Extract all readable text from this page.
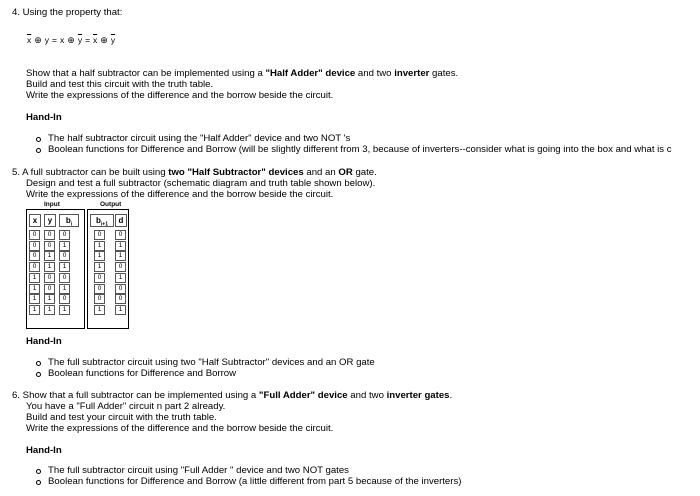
4. Using the property that:
$\overline{x}$ ⊕ y = x ⊕ $\overline{y} = x$ ⊕ y
Show that a half subtractor can be implemented using a "Half Adder" device and two inverter gates.
Build and test this circuit with the truth table.
Write the expressions of the difference and the borrow beside the circuit.
Hand-In
The half subtractor circuit using the "Half Adder" device and two NOT 's
Boolean functions for Difference and Borrow (will be slightly different from 3, because of inverters--consider what is going into the box and what is c
5. A full subtractor can be built using two "Half Subtractor" devices and an OR gate.
Design and test a full subtractor (schematic diagram and truth table shown below).
Write the expressions of the difference and the borrow beside the circuit.
Input	Output
x	y	$b_i$	$b_{i+1}$	d
0	0	0	0	0
0	0	1	1	1
0	1	0	1	1
0	1	1	1	0
1	0	0	0	1
1	0	1	0	0
1	1	0	0	0
1	1	1	1	1
Hand-In
The full subtractor circuit using two "Half Subtractor" devices and an OR gate
Boolean functions for Difference and Borrow
6. Show that a full subtractor can be implemented using a "Full Adder" device and two inverter gates.
You have a "Full Adder" circuit n part 2 already.
Build and test your circuit with the truth table.
Write the expressions of the difference and the borrow beside the circuit.
Hand-In
The full subtractor circuit using "Full Adder " device and two NOT gates
Boolean functions for Difference and Borrow (a little different from part 5 because of the inverters)
